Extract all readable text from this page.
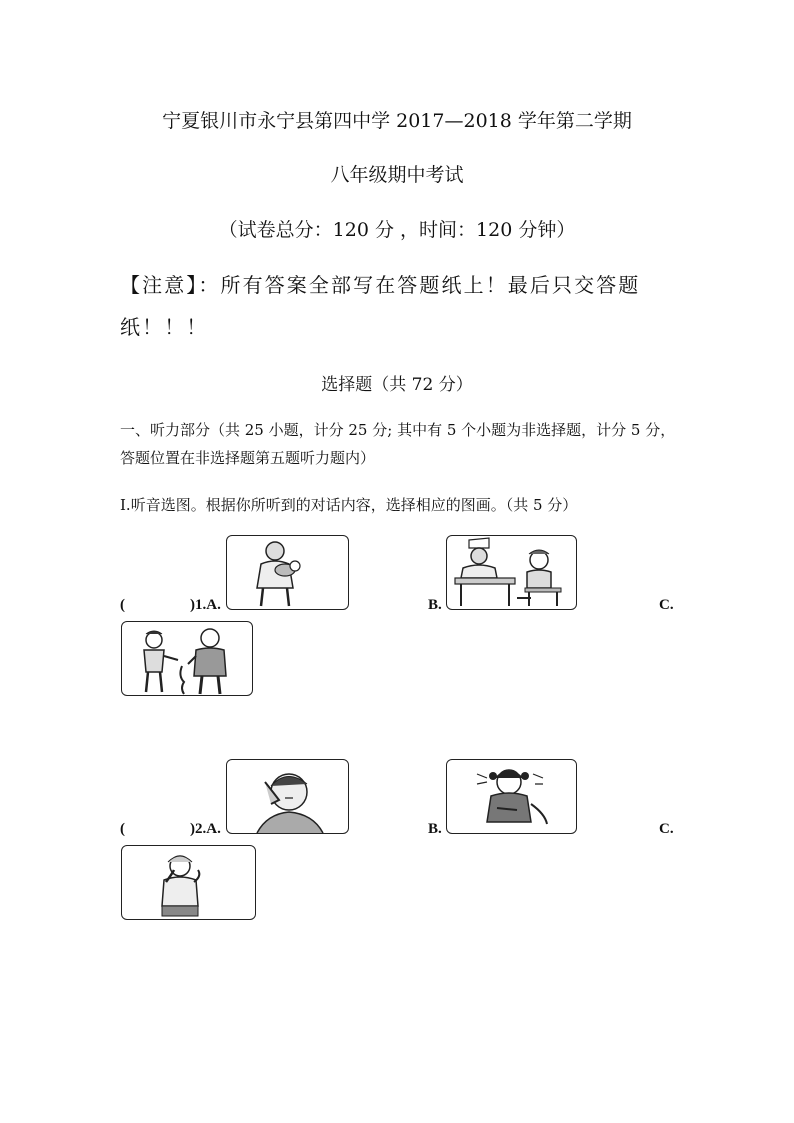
宁夏银川市永宁县第四中学 2017—2018 学年第二学期
八年级期中考试
（试卷总分：120 分 ，时间：120 分钟）
【注意】：所有答案全部写在答题纸上！最后只交答题纸！！！
选择题（共 72 分）
一、听力部分（共 25 小题，计分 25 分; 其中有 5 个小题为非选择题，计分 5 分，答题位置在非选择题第五题听力题内）
I.听音选图。根据你所听到的对话内容，选择相应的图画。（共 5 分）
(	)1.A.	B.	C.
(	)2.A.	B.	C.
